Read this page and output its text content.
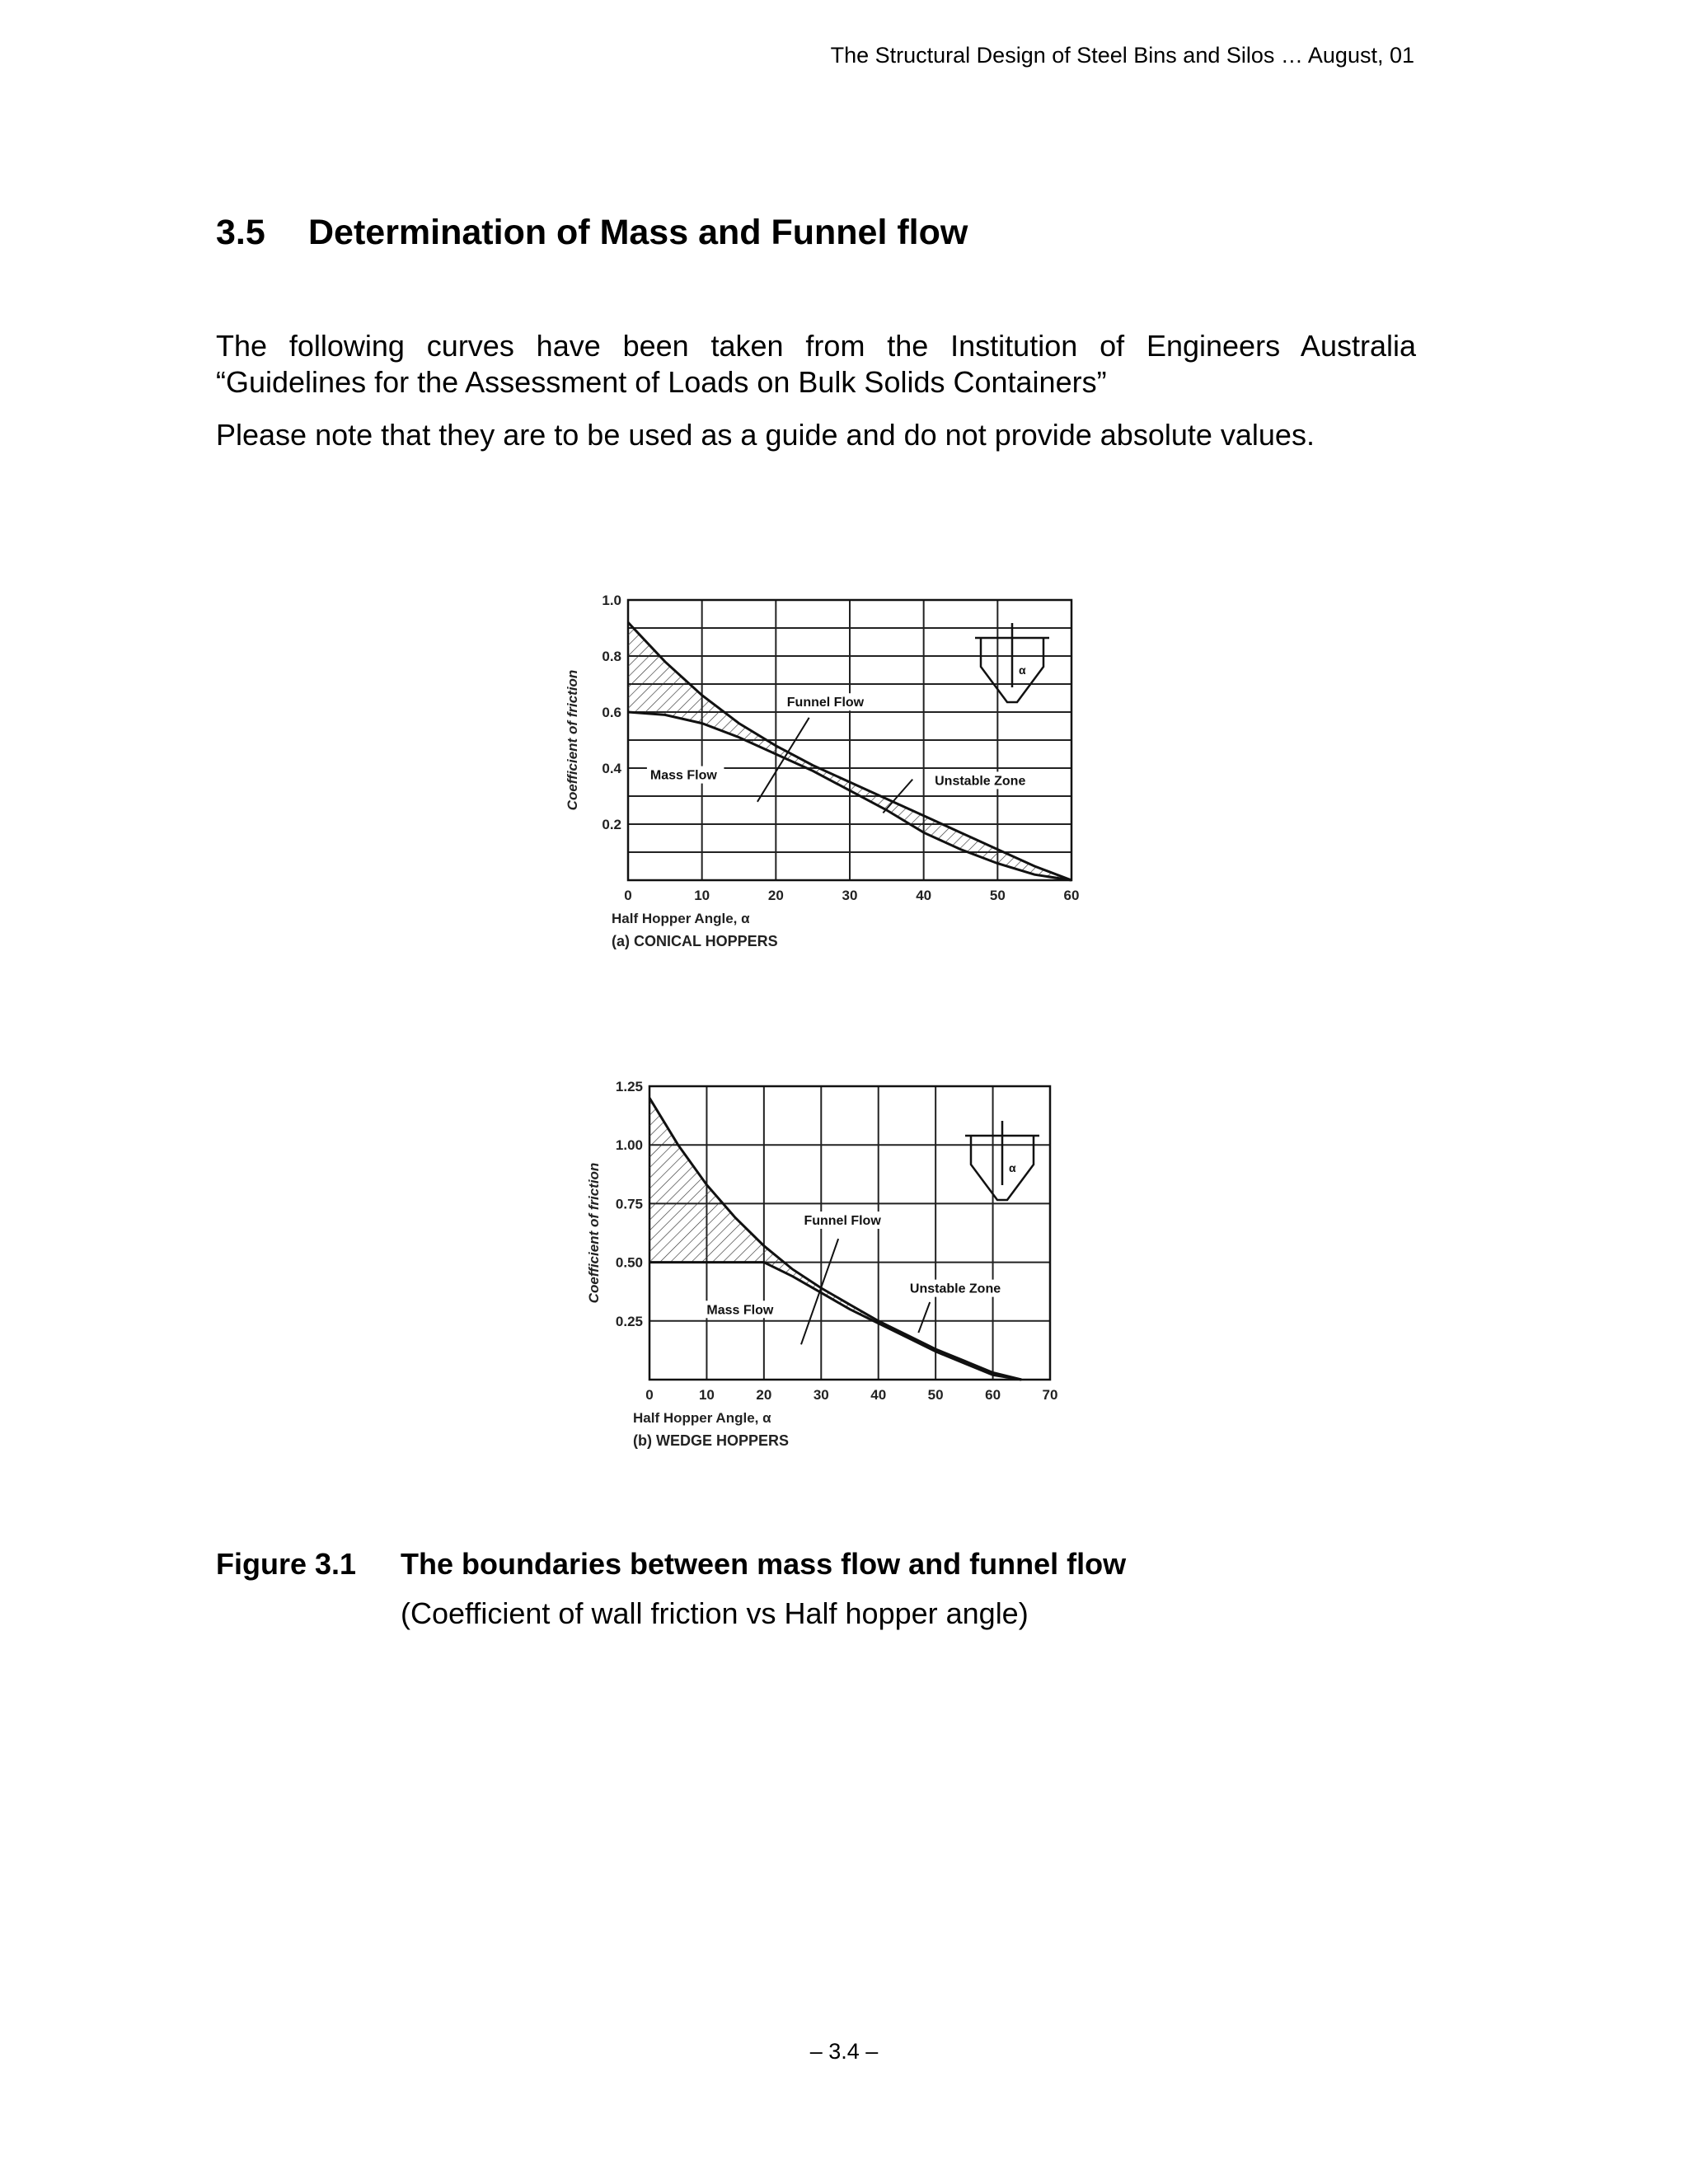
The Structural Design of Steel Bins and Silos … August, 01
3.5 Determination of Mass and Funnel flow
The following curves have been taken from the Institution of Engineers Australia “Guidelines for the Assessment of Loads on Bulk Solids Containers”
Please note that they are to be used as a guide and do not provide absolute values.
0	10	20	30	40	50	60
0.2
0.4
0.6
0.8
1.0
Half Hopper Angle, α
(a) CONICAL HOPPERS
Coefficient of friction	Funnel Flow
Mass Flow	Unstable Zone
α
0	10	20	30	40	50	60	70
0.25
0.50
0.75
1.00
1.25
Half Hopper Angle, α
(b) WEDGE HOPPERS
Coefficient of friction	Funnel Flow
Mass Flow
Unstable Zone
α
Figure 3.1 The boundaries between mass flow and funnel flow
(Coefficient of wall friction vs Half hopper angle)
– 3.4 –
